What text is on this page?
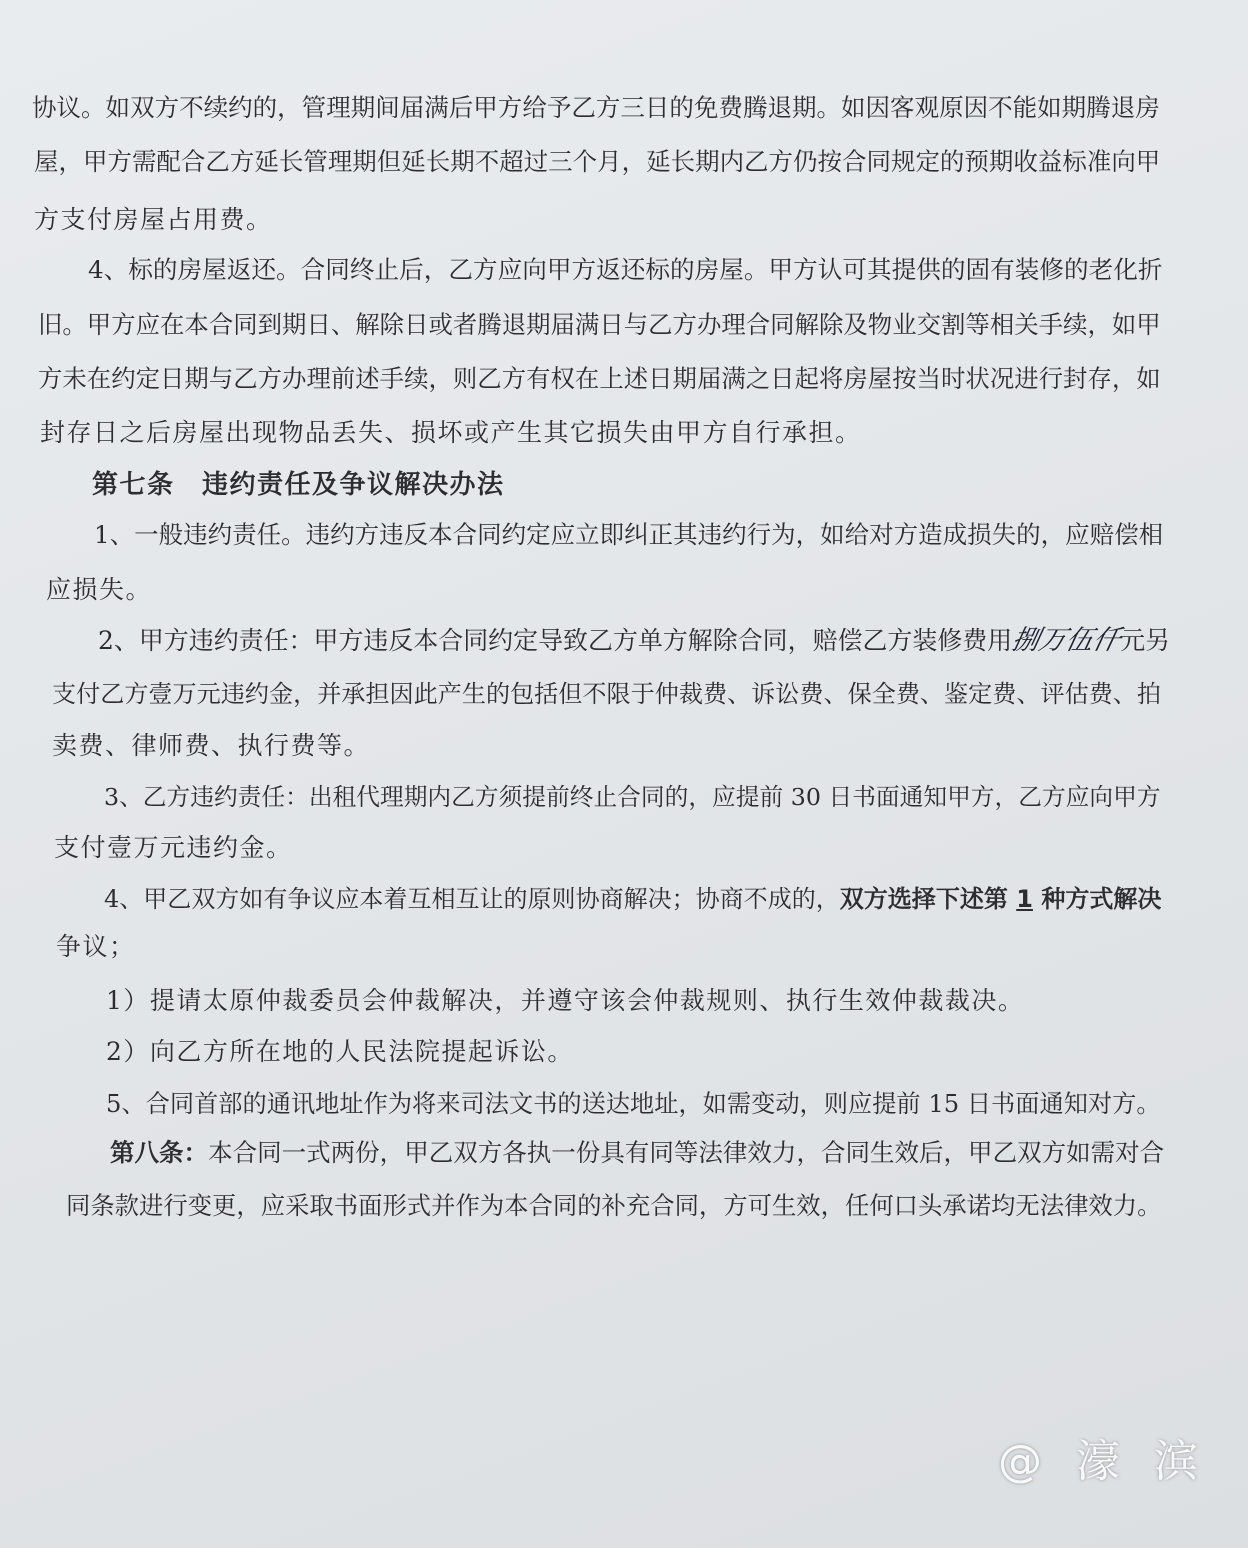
协议。如双方不续约的，管理期间届满后甲方给予乙方三日的免费腾退期。如因客观原因不能如期腾退房
屋，甲方需配合乙方延长管理期但延长期不超过三个月，延长期内乙方仍按合同规定的预期收益标准向甲
方支付房屋占用费。
4、标的房屋返还。合同终止后，乙方应向甲方返还标的房屋。甲方认可其提供的固有装修的老化折
旧。甲方应在本合同到期日、解除日或者腾退期届满日与乙方办理合同解除及物业交割等相关手续，如甲
方未在约定日期与乙方办理前述手续，则乙方有权在上述日期届满之日起将房屋按当时状况进行封存，如
封存日之后房屋出现物品丢失、损坏或产生其它损失由甲方自行承担。
第七条　违约责任及争议解决办法
1、一般违约责任。违约方违反本合同约定应立即纠正其违约行为，如给对方造成损失的，应赔偿相
应损失。
2、甲方违约责任：甲方违反本合同约定导致乙方单方解除合同，赔偿乙方装修费用捌万伍仟元另
支付乙方壹万元违约金，并承担因此产生的包括但不限于仲裁费、诉讼费、保全费、鉴定费、评估费、拍
卖费、律师费、执行费等。
3、乙方违约责任：出租代理期内乙方须提前终止合同的，应提前 30 日书面通知甲方，乙方应向甲方
支付壹万元违约金。
4、甲乙双方如有争议应本着互相互让的原则协商解决；协商不成的，双方选择下述第 1 种方式解决
争议；
1）提请太原仲裁委员会仲裁解决，并遵守该会仲裁规则、执行生效仲裁裁决。
2）向乙方所在地的人民法院提起诉讼。
5、合同首部的通讯地址作为将来司法文书的送达地址，如需变动，则应提前 15 日书面通知对方。
第八条：本合同一式两份，甲乙双方各执一份具有同等法律效力，合同生效后，甲乙双方如需对合
同条款进行变更，应采取书面形式并作为本合同的补充合同，方可生效，任何口头承诺均无法律效力。
@ 濠 滨
